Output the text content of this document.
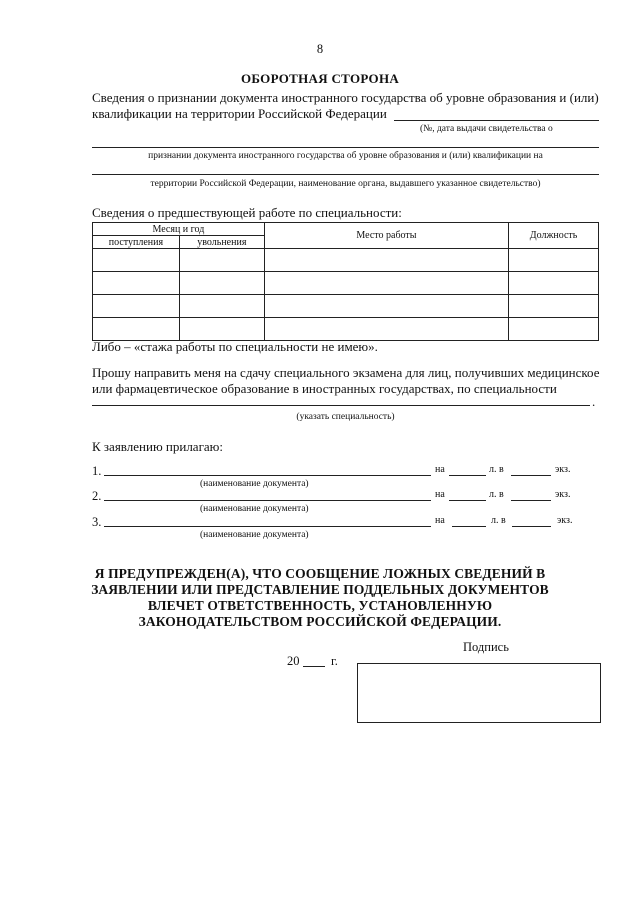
8
ОБОРОТНАЯ СТОРОНА
Сведения о признании документа иностранного государства об уровне образования и (или)
квалификации на территории Российской Федерации
(№, дата выдачи свидетельства о
признании документа иностранного государства об уровне образования и (или) квалификации на
территории Российской Федерации, наименование органа, выдавшего указанное свидетельство)
Сведения о предшествующей работе по специальности:
Месяц и год		Место работы	Должность
поступления	увольнения		

Либо – «стажа работы по специальности не имею».
Прошу направить меня на сдачу специального экзамена для лиц, получивших медицинское
или фармацевтическое образование в иностранных государствах, по специальности
.
(указать специальность)
К заявлению прилагаю:
1.	на	л. в	экз.
(наименование документа)
2.	на	л. в	экз.
(наименование документа)
3.	на	л. в	экз.
(наименование документа)
Я ПРЕДУПРЕЖДЕН(А), ЧТО СООБЩЕНИЕ ЛОЖНЫХ СВЕДЕНИЙ В ЗАЯВЛЕНИИ ИЛИ ПРЕДСТАВЛЕНИЕ ПОДДЕЛЬНЫХ ДОКУМЕНТОВ ВЛЕЧЕТ ОТВЕТСТВЕННОСТЬ, УСТАНОВЛЕННУЮ ЗАКОНОДАТЕЛЬСТВОМ РОССИЙСКОЙ ФЕДЕРАЦИИ.
Подпись
20	г.
